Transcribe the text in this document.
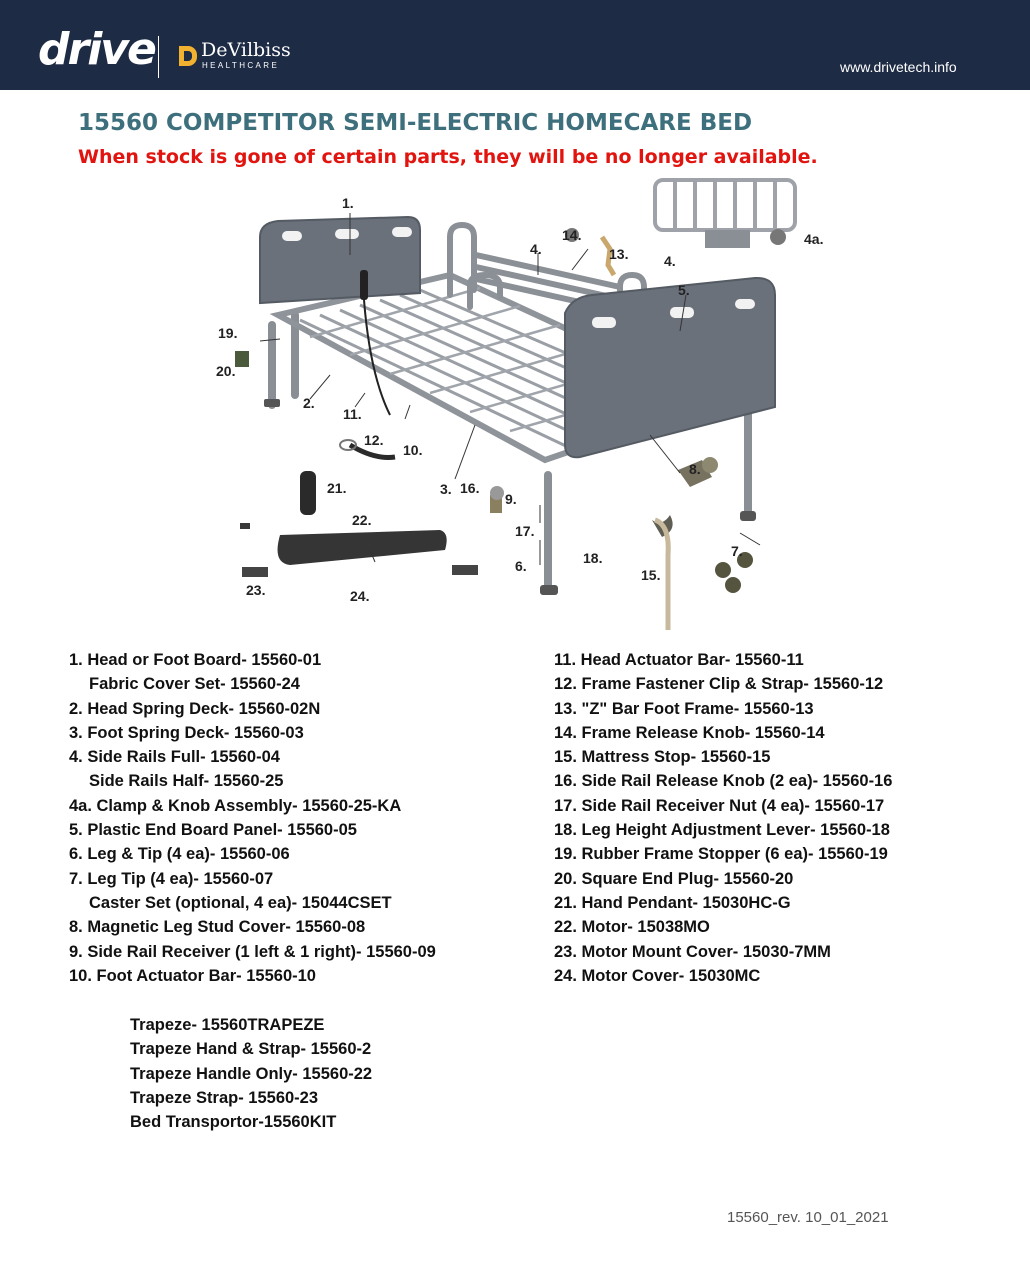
drive DeVilbiss
HEALTHCARE	www.drivetech.info
15560 COMPETITOR SEMI-ELECTRIC HOMECARE BED

When stock is gone of certain parts, they will be no longer available.

1.
14.
13.
4.
4.
4a.
5.
19.
20.
2.
11.
12.
10.
21.	3. 16.
9.
8.
22.
17.
18.
6.
7.
15.
23.	24.
1. Head or Foot Board- 15560-01
Fabric Cover Set- 15560-24
2. Head Spring Deck- 15560-02N
3. Foot Spring Deck- 15560-03
4. Side Rails Full- 15560-04
Side Rails Half- 15560-25
4a. Clamp & Knob Assembly- 15560-25-KA
5. Plastic End Board Panel- 15560-05
6. Leg & Tip (4 ea)- 15560-06
7. Leg Tip (4 ea)- 15560-07
Caster Set (optional, 4 ea)- 15044CSET
8. Magnetic Leg Stud Cover- 15560-08
9. Side Rail Receiver (1 left & 1 right)- 15560-09
10. Foot Actuator Bar- 15560-10
11. Head Actuator Bar- 15560-11
12. Frame Fastener Clip & Strap- 15560-12
13. "Z" Bar Foot Frame- 15560-13
14. Frame Release Knob- 15560-14
15. Mattress Stop- 15560-15
16. Side Rail Release Knob (2 ea)- 15560-16
17. Side Rail Receiver Nut (4 ea)- 15560-17
18. Leg Height Adjustment Lever- 15560-18
19. Rubber Frame Stopper (6 ea)- 15560-19
20. Square End Plug- 15560-20
21. Hand Pendant- 15030HC-G
22. Motor- 15038MO
23. Motor Mount Cover- 15030-7MM
24. Motor Cover- 15030MC
Trapeze- 15560TRAPEZE
Trapeze Hand & Strap- 15560-2
Trapeze Handle Only- 15560-22
Trapeze Strap- 15560-23
Bed Transportor-15560KIT
15560_rev. 10_01_2021
